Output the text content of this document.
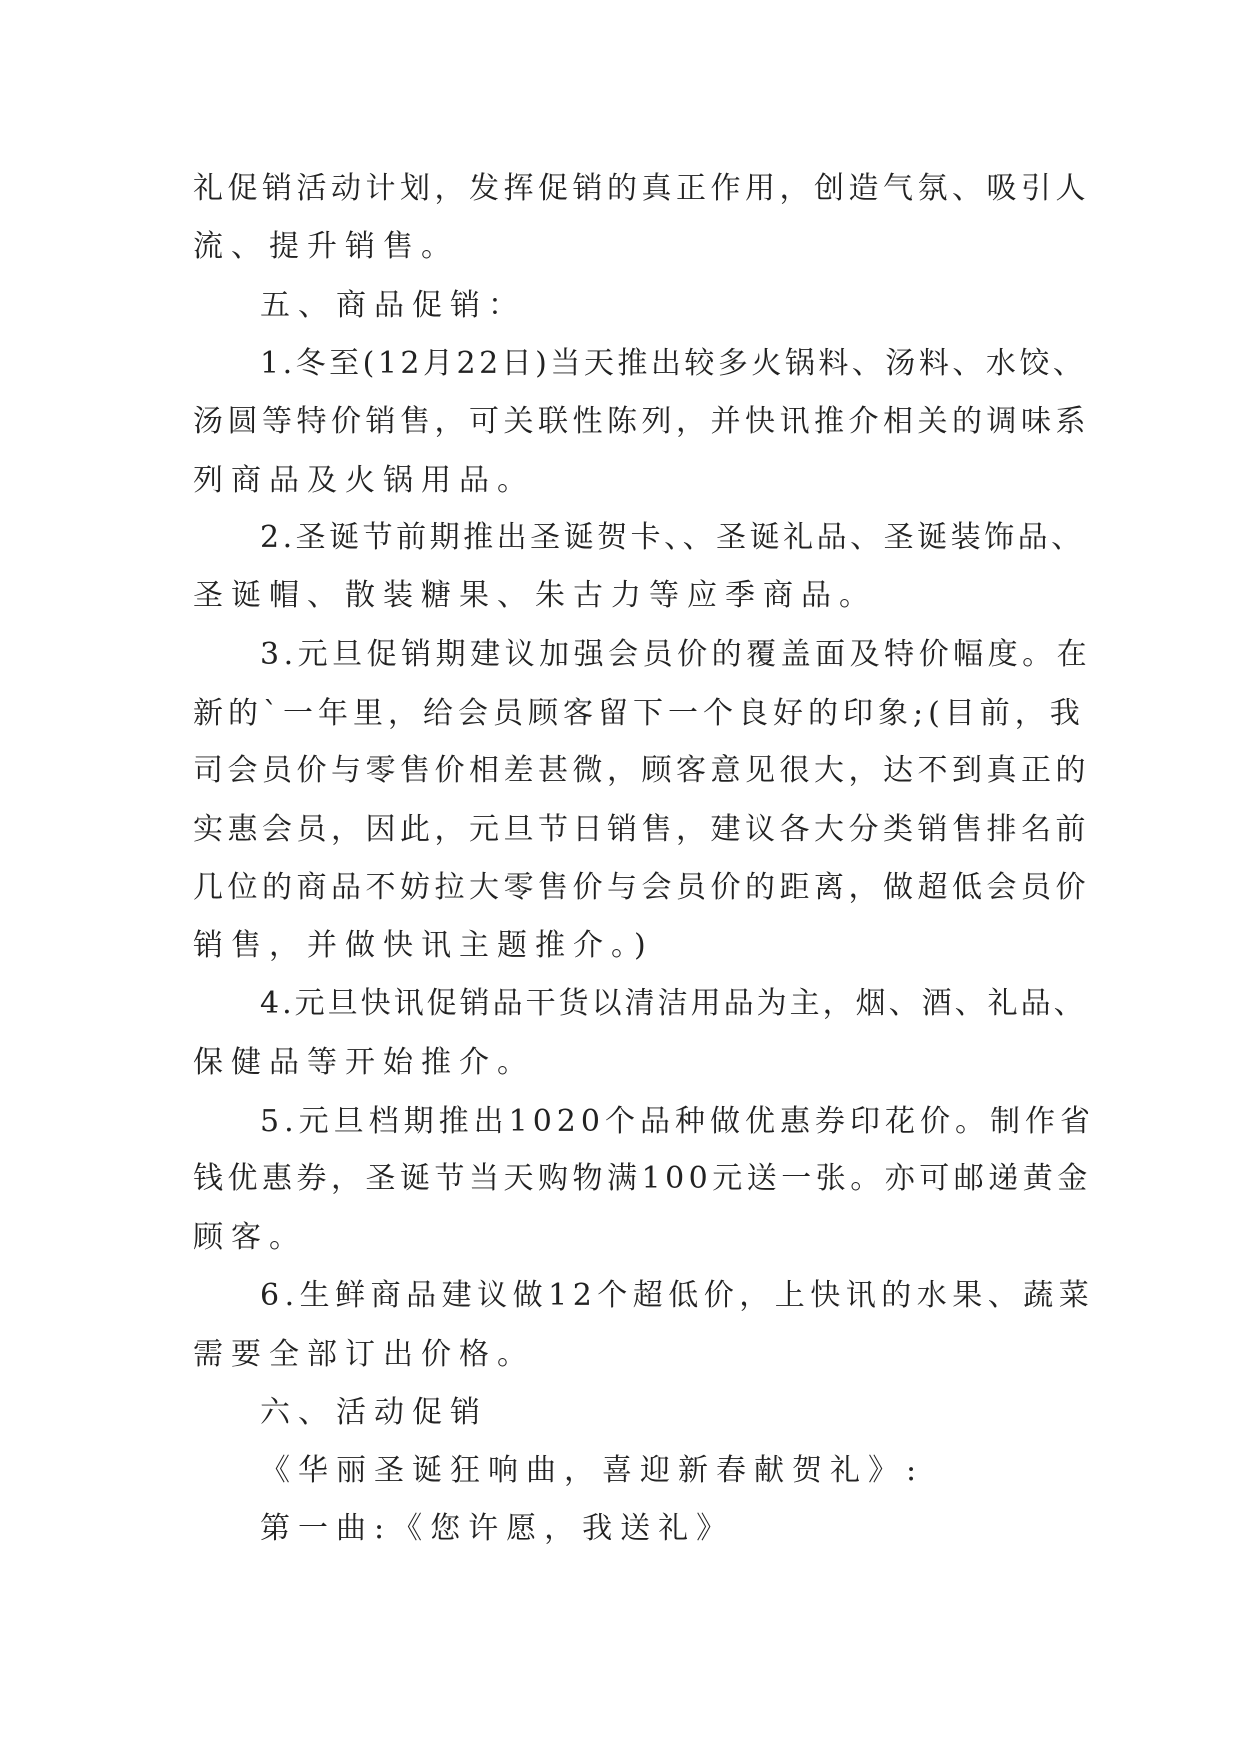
礼促销活动计划，发挥促销的真正作用，创造气氛、吸引人

流、提升销售。

五、商品促销：

1.冬至(12月22日)当天推出较多火锅料、汤料、水饺、

汤圆等特价销售，可关联性陈列，并快讯推介相关的调味系

列商品及火锅用品。

2.圣诞节前期推出圣诞贺卡、、圣诞礼品、圣诞装饰品、

圣诞帽、散装糖果、朱古力等应季商品。

3.元旦促销期建议加强会员价的覆盖面及特价幅度。在

新的`一年里，给会员顾客留下一个良好的印象;(目前，我

司会员价与零售价相差甚微，顾客意见很大，达不到真正的

实惠会员，因此，元旦节日销售，建议各大分类销售排名前

几位的商品不妨拉大零售价与会员价的距离，做超低会员价

销售，并做快讯主题推介。)

4.元旦快讯促销品干货以清洁用品为主，烟、酒、礼品、

保健品等开始推介。

5.元旦档期推出1020个品种做优惠券印花价。制作省

钱优惠券，圣诞节当天购物满100元送一张。亦可邮递黄金

顾客。

6.生鲜商品建议做12个超低价，上快讯的水果、蔬菜

需要全部订出价格。

六、活动促销

《华丽圣诞狂响曲，喜迎新春献贺礼》:

第一曲:《您许愿，我送礼》
